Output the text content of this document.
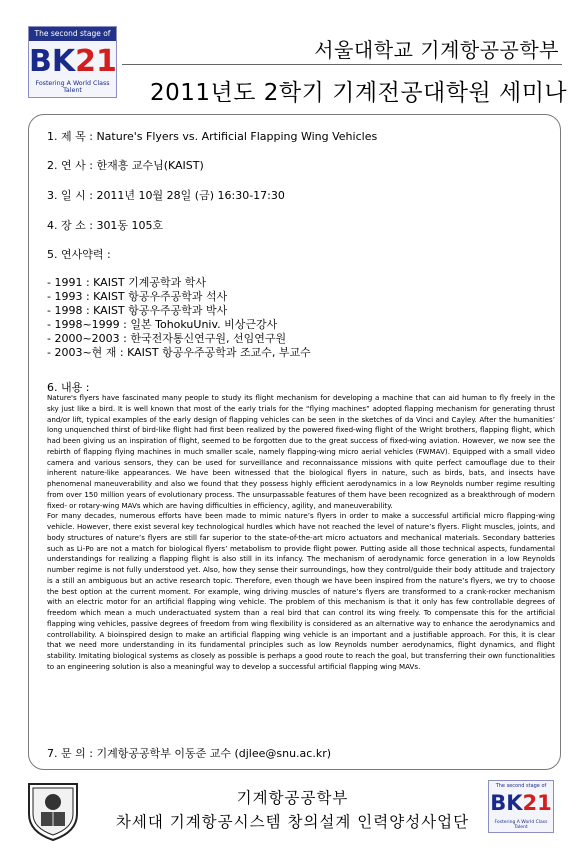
The second stage of
BK21
Fostering A World Class Talent
서울대학교 기계항공공학부
2011년도 2학기 기계전공대학원 세미나
1. 제 목 : Nature's Flyers vs. Artificial Flapping Wing Vehicles
2. 연 사 : 한재흥 교수님(KAIST)
3. 일 시 : 2011년 10월 28일 (금) 16:30-17:30
4. 장 소 : 301동 105호
5. 연사약력 :
- 1991 : KAIST 기계공학과 학사
- 1993 : KAIST 항공우주공학과 석사
- 1998 : KAIST 항공우주공학과 박사
- 1998~1999 : 일본 TohokuUniv. 비상근강사
- 2000~2003 : 한국전자통신연구원, 선임연구원
- 2003~현 재 : KAIST 항공우주공학과 조교수, 부교수
6. 내용 :

Nature's flyers have fascinated many people to study its flight mechanism for developing a machine that can aid human to fly freely in the sky just like a bird. It is well known that most of the early trials for the “flying machines” adopted flapping mechanism for generating thrust and/or lift, typical examples of the early design of flapping vehicles can be seen in the sketches of da Vinci and Cayley. After the humanities’ long unquenched thirst of bird-like flight had first been realized by the powered fixed-wing flight of the Wright brothers, flapping flight, which had been giving us an inspiration of flight, seemed to be forgotten due to the great success of fixed-wing aviation. However, we now see the rebirth of flapping flying machines in much smaller scale, namely flapping-wing micro aerial vehicles (FWMAV). Equipped with a small video camera and various sensors, they can be used for surveillance and reconnaissance missions with quite perfect camouflage due to their inherent nature-like appearances. We have been witnessed that the biological flyers in nature, such as birds, bats, and insects have phenomenal maneuverability and also we found that they possess highly efficient aerodynamics in a low Reynolds number regime resulting from over 150 million years of evolutionary process. The unsurpassable features of them have been recognized as a breakthrough of modern fixed- or rotary-wing MAVs which are having difficulties in efficiency, agility, and maneuverability.

For many decades, numerous efforts have been made to mimic nature’s flyers in order to make a successful artificial micro flapping-wing vehicle. However, there exist several key technological hurdles which have not reached the level of nature’s flyers. Flight muscles, joints, and body structures of nature’s flyers are still far superior to the state-of-the-art micro actuators and mechanical materials. Secondary batteries such as Li-Po are not a match for biological flyers’ metabolism to provide flight power. Putting aside all those technical aspects, fundamental understandings for realizing a flapping flight is also still in its infancy. The mechanism of aerodynamic force generation in a low Reynolds number regime is not fully understood yet. Also, how they sense their surroundings, how they control/guide their body attitude and trajectory is a still an ambiguous but an active research topic. Therefore, even though we have been inspired from the nature’s flyers, we try to choose the best option at the current moment. For example, wing driving muscles of nature’s flyers are transformed to a crank-rocker mechanism with an electric motor for an artificial flapping wing vehicle. The problem of this mechanism is that it only has few controllable degrees of freedom which mean a much underactuated system than a real bird that can control its wing freely. To compensate this for the artificial flapping wing vehicles, passive degrees of freedom from wing flexibility is considered as an alternative way to enhance the aerodynamics and controllability. A bioinspired design to make an artificial flapping wing vehicle is an important and a justifiable approach. For this, it is clear that we need more understanding in its fundamental principles such as low Reynolds number aerodynamics, flight dynamics, and flight stability. Imitating biological systems as closely as possible is perhaps a good route to reach the goal, but transferring their own functionalities to an engineering solution is also a meaningful way to develop a successful artificial flapping wing MAVs.

7. 문 의 : 기계항공공학부 이동준 교수 (djlee@snu.ac.kr)
기계항공공학부
차세대 기계항공시스템 창의설계 인력양성사업단
The second stage of
BK21
Fostering A World Class Talent
